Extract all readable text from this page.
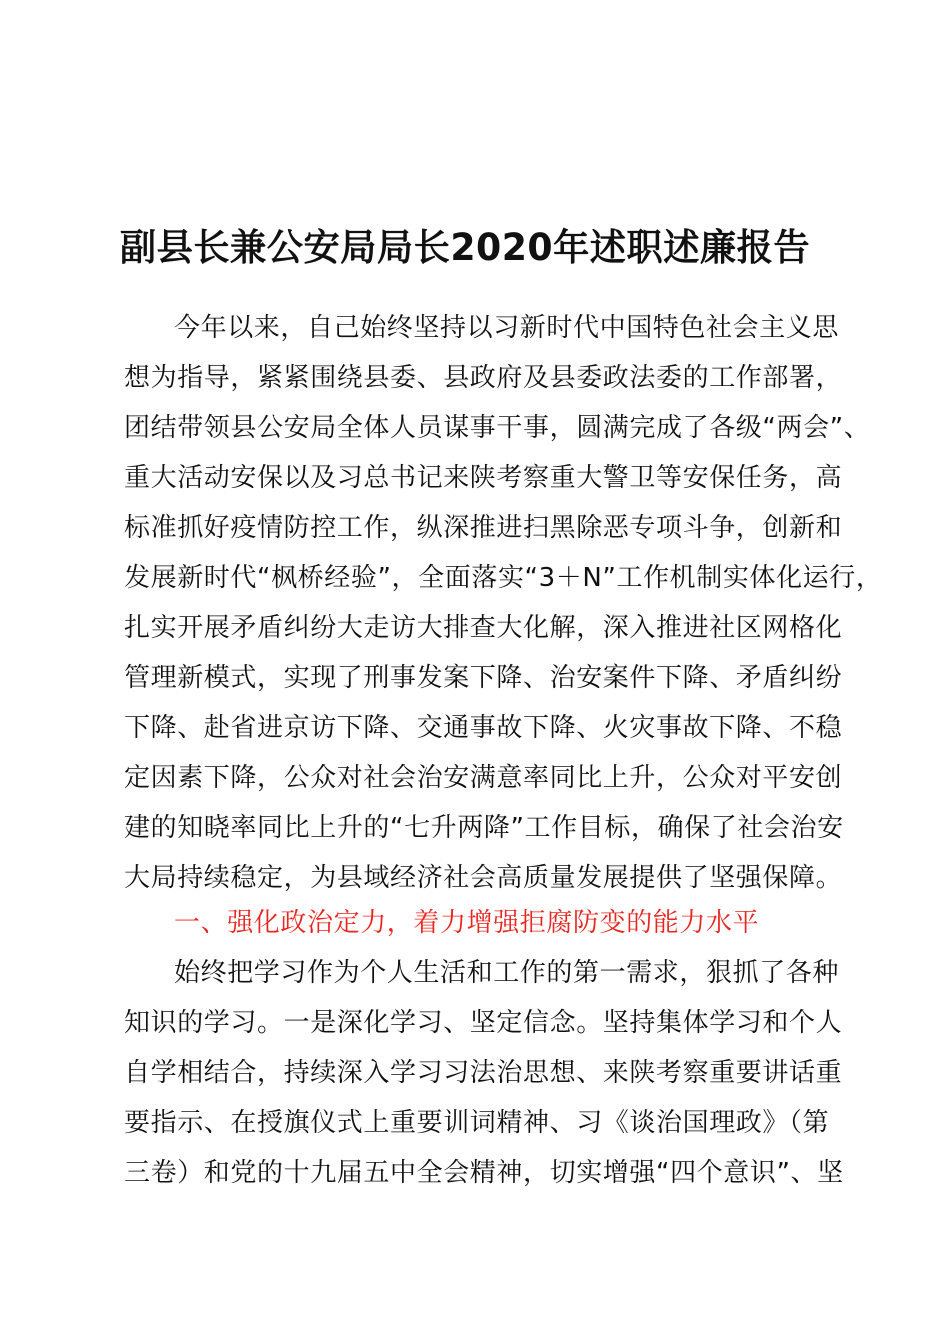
副县长兼公安局局长2020年述职述廉报告
今年以来，自己始终坚持以习新时代中国特色社会主义思
想为指导，紧紧围绕县委、县政府及县委政法委的工作部署，
团结带领县公安局全体人员谋事干事，圆满完成了各级“两会”、
重大活动安保以及习总书记来陕考察重大警卫等安保任务，高
标准抓好疫情防控工作，纵深推进扫黑除恶专项斗争，创新和
发展新时代“枫桥经验”，全面落实“3＋N”工作机制实体化运行，
扎实开展矛盾纠纷大走访大排查大化解，深入推进社区网格化
管理新模式，实现了刑事发案下降、治安案件下降、矛盾纠纷
下降、赴省进京访下降、交通事故下降、火灾事故下降、不稳
定因素下降，公众对社会治安满意率同比上升，公众对平安创
建的知晓率同比上升的“七升两降”工作目标，确保了社会治安
大局持续稳定，为县域经济社会高质量发展提供了坚强保障。
一、强化政治定力，着力增强拒腐防变的能力水平
始终把学习作为个人生活和工作的第一需求，狠抓了各种
知识的学习。一是深化学习、坚定信念。坚持集体学习和个人
自学相结合，持续深入学习习法治思想、来陕考察重要讲话重
要指示、在授旗仪式上重要训词精神、习《谈治国理政》（第
三卷）和党的十九届五中全会精神，切实增强“四个意识”、坚
